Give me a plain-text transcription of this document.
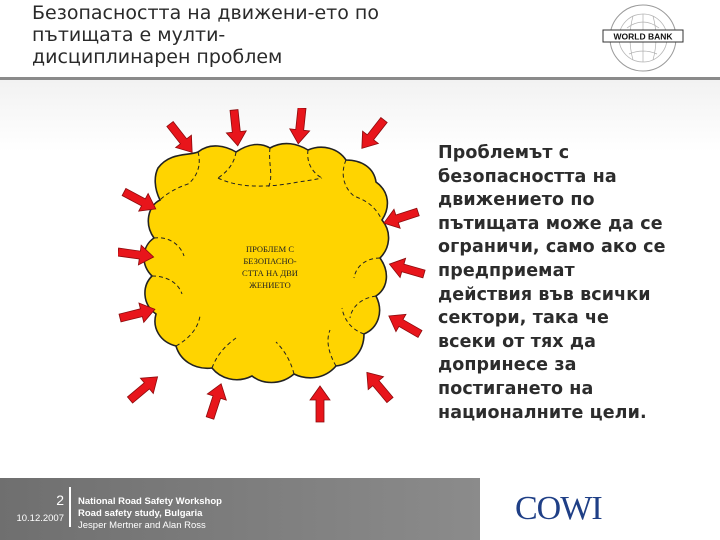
Безопасността на движени-ето по
пътищата е мулти-
дисциплинарен проблем
WORLD BANK
ПРОБЛЕМ С
БЕЗОПАСНО-
СТТА НА ДВИ
ЖЕНИЕТО
Проблемът с
безопасността на
движението по
пътищата може да се
ограничи, само ако се
предприемат
действия във всички
сектори, така че
всеки от тях да
допринесе за
постигането на
националните цели.
2
10.12.2007
National Road Safety Workshop
Road safety study, Bulgaria
Jesper Mertner and Alan Ross	COWI
